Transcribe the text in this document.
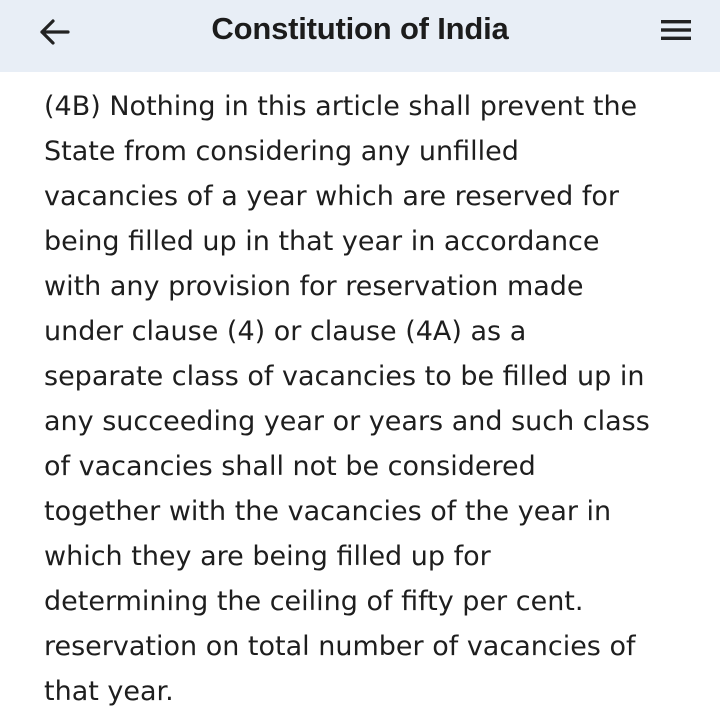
Constitution of India
(4B) Nothing in this article shall prevent the
State from considering any unfilled
vacancies of a year which are reserved for
being filled up in that year in accordance
with any provision for reservation made
under clause (4) or clause (4A) as a
separate class of vacancies to be filled up in
any succeeding year or years and such class
of vacancies shall not be considered
together with the vacancies of the year in
which they are being filled up for
determining the ceiling of fifty per cent.
reservation on total number of vacancies of
that year.
